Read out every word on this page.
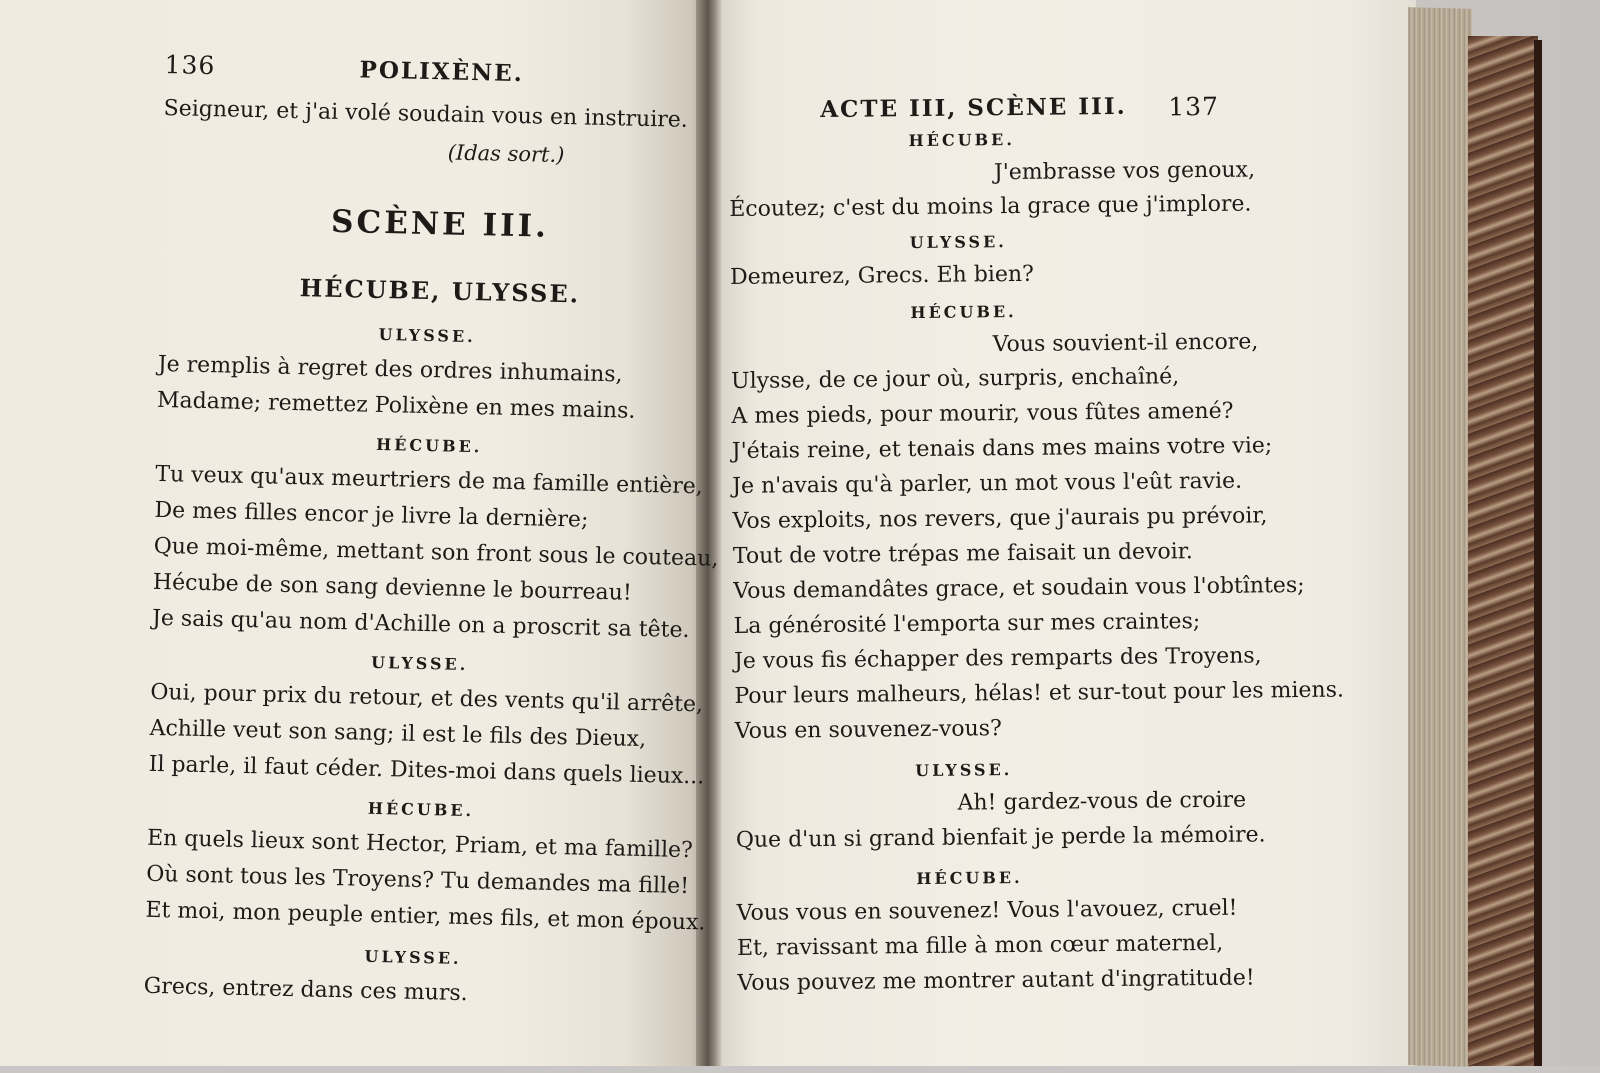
136	POLIXÈNE.
Seigneur, et j'ai volé soudain vous en instruire.
(Idas sort.)
SCÈNE III.
HÉCUBE, ULYSSE.
ULYSSE.
Je remplis à regret des ordres inhumains,
Madame; remettez Polixène en mes mains.
HÉCUBE.
Tu veux qu'aux meurtriers de ma famille entière,
De mes filles encor je livre la dernière;
Que moi-même, mettant son front sous le couteau,
Hécube de son sang devienne le bourreau!
Je sais qu'au nom d'Achille on a proscrit sa tête.
ULYSSE.
Oui, pour prix du retour, et des vents qu'il arrête,
Achille veut son sang; il est le fils des Dieux,
Il parle, il faut céder. Dites-moi dans quels lieux...
HÉCUBE.
En quels lieux sont Hector, Priam, et ma famille?
Où sont tous les Troyens? Tu demandes ma fille!
Et moi, mon peuple entier, mes fils, et mon époux.
ULYSSE.
Grecs, entrez dans ces murs.
ACTE III, SCÈNE III. 137
HÉCUBE.
J'embrasse vos genoux,
Écoutez; c'est du moins la grace que j'implore.
ULYSSE.
Demeurez, Grecs. Eh bien?
HÉCUBE.
Vous souvient-il encore,
Ulysse, de ce jour où, surpris, enchaîné,
A mes pieds, pour mourir, vous fûtes amené?
J'étais reine, et tenais dans mes mains votre vie;
Je n'avais qu'à parler, un mot vous l'eût ravie.
Vos exploits, nos revers, que j'aurais pu prévoir,
Tout de votre trépas me faisait un devoir.
Vous demandâtes grace, et soudain vous l'obtîntes;
La générosité l'emporta sur mes craintes;
Je vous fis échapper des remparts des Troyens,
Pour leurs malheurs, hélas! et sur-tout pour les miens.
Vous en souvenez-vous?
ULYSSE.
Ah! gardez-vous de croire
Que d'un si grand bienfait je perde la mémoire.
HÉCUBE.
Vous vous en souvenez! Vous l'avouez, cruel!
Et, ravissant ma fille à mon cœur maternel,
Vous pouvez me montrer autant d'ingratitude!
